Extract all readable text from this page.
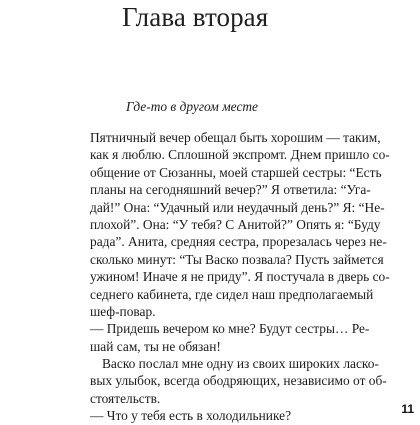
Глава вторая
Где-то в другом месте
Пятничный вечер обещал быть хорошим — таким,
как я люблю. Сплошной экспромт. Днем пришло со-
общение от Сюзанны, моей старшей сестры: “Есть
планы на сегодняшний вечер?” Я ответила: “Уга-
дай!” Она: “Удачный или неудачный день?” Я: “Не-
плохой”. Она: “У тебя? С Анитой?” Опять я: “Буду
рада”. Анита, средняя сестра, прорезалась через не-
сколько минут: “Ты Васко позвала? Пусть займется
ужином! Иначе я не приду”. Я постучала в дверь со-
седнего кабинета, где сидел наш предполагаемый
шеф-повар.
— Придешь вечером ко мне? Будут сестры… Ре-
шай сам, ты не обязан!
Васко послал мне одну из своих широких ласко-
вых улыбок, всегда ободряющих, независимо от об-
стоятельств.
— Что у тебя есть в холодильнике?	11
